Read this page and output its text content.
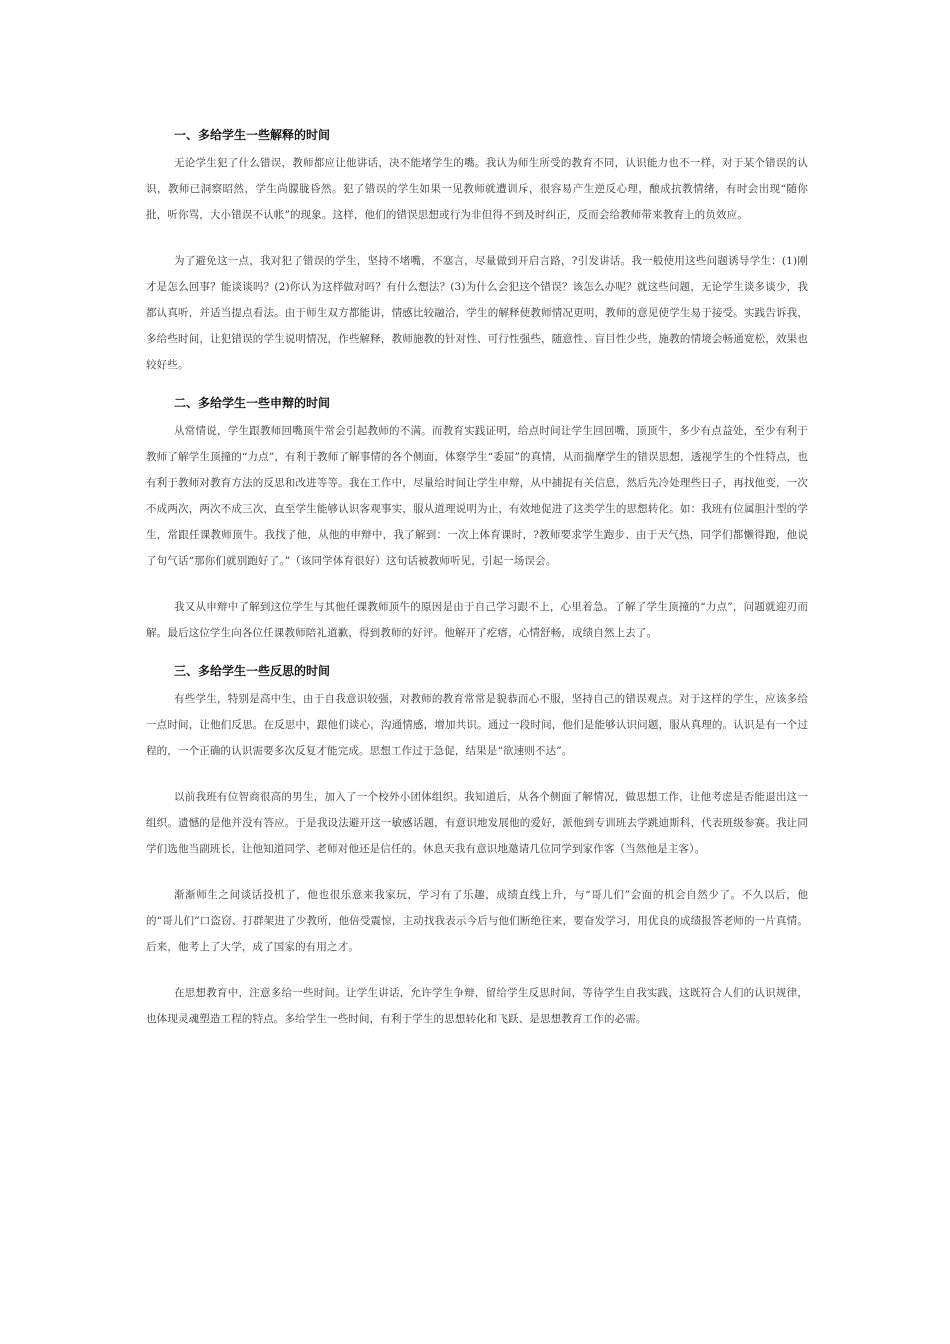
一、多给学生一些解释的时间

无论学生犯了什么错误，教师都应让他讲话，决不能堵学生的嘴。我认为师生所受的教育不同，认识能力也不一样，对于某个错误的认识，教师已洞察昭然，学生尚朦胧昏然。犯了错误的学生如果一见教师就遭训斥，很容易产生逆反心理，酿成抗教情绪，有时会出现“随你批，听你骂，大小错误不认帐”的现象。这样，他们的错误思想或行为非但得不到及时纠正，反而会给教师带来教育上的负效应。

为了避免这一点，我对犯了错误的学生，坚持不堵嘴，不塞言，尽量做到开启言路，?引发讲话。我一般使用这些问题诱导学生：(1)刚才是怎么回事？能谈谈吗？(2)你认为这样做对吗？有什么想法？(3)为什么会犯这个错误？该怎么办呢？就这些问题，无论学生谈多谈少，我都认真听，并适当提点看法。由于师生双方都能讲，情感比较融洽，学生的解释使教师情况更明，教师的意见使学生易于接受。实践告诉我，多给些时间，让犯错误的学生说明情况，作些解释，教师施教的针对性、可行性强些，随意性、盲目性少些，施教的情境会畅通宽松，效果也较好些。

二、多给学生一些申辩的时间

从常情说，学生跟教师回嘴顶牛常会引起教师的不满。而教育实践证明，给点时间让学生回回嘴，顶顶牛，多少有点益处，至少有利于教师了解学生顶撞的“力点”，有利于教师了解事情的各个侧面，体察学生“委屈”的真情，从而揣摩学生的错误思想，透视学生的个性特点，也有利于教师对教育方法的反思和改进等等。我在工作中，尽量给时间让学生申辩，从中捕捉有关信息，然后先冷处理些日子，再找他变，一次不成两次，两次不成三次，直至学生能够认识客观事实，服从道理说明为止，有效地促进了这类学生的思想转化。如：我班有位属胆汁型的学生，常跟任课教师顶牛。我找了他，从他的申辩中，我了解到：一次上体育课时，?教师要求学生跑步、由于天气热，同学们都懒得跑，他说了句气话“那你们就别跑好了。”（该同学体育很好）这句话被教师听见，引起一场误会。

我又从申辩中了解到这位学生与其他任课教师顶牛的原因是由于自己学习跟不上，心里着急。了解了学生顶撞的“力点”，问题就迎刃而解。最后这位学生向各位任课教师陪礼道歉，得到教师的好评。他解开了疙瘩，心情舒畅，成绩自然上去了。

三、多给学生一些反思的时间

有些学生，特别是高中生，由于自我意识较强，对教师的教育常常是貌恭而心不服，坚持自己的错误观点。对于这样的学生，应该多给一点时间，让他们反思。在反思中，跟他们谈心，沟通情感，增加共识。通过一段时间，他们是能够认识问题，服从真理的。认识是有一个过程的，一个正确的认识需要多次反复才能完成。思想工作过于急促，结果是“欲速则不达”。

以前我班有位智商很高的男生，加入了一个校外小团体组织。我知道后，从各个侧面了解情况，做思想工作，让他考虑是否能退出这一组织。遗憾的是他并没有答应。于是我设法避开这一敏感话题，有意识地发展他的爱好，派他到专训班去学跳迪斯科，代表班级参赛。我让同学们选他当副班长，让他知道同学、老师对他还是信任的。休息天我有意识地邀请几位同学到家作客（当然他是主客）。

渐渐师生之间谈话投机了，他也很乐意来我家玩，学习有了乐趣，成绩直线上升，与“哥儿们”会面的机会自然少了。不久以后，他的“哥儿们”口盗窃、打群架进了少教所，他倍受震惊，主动找我表示今后与他们断绝往来，要奋发学习，用优良的成绩报答老师的一片真情。后来，他考上了大学，成了国家的有用之才。

在思想教育中，注意多给一些时间。让学生讲话，允许学生争辩，留给学生反思时间，等待学生自我实践，这既符合人们的认识规律，也体现灵魂塑造工程的特点。多给学生一些时间，有利于学生的思想转化和飞跃、是思想教育工作的必需。
